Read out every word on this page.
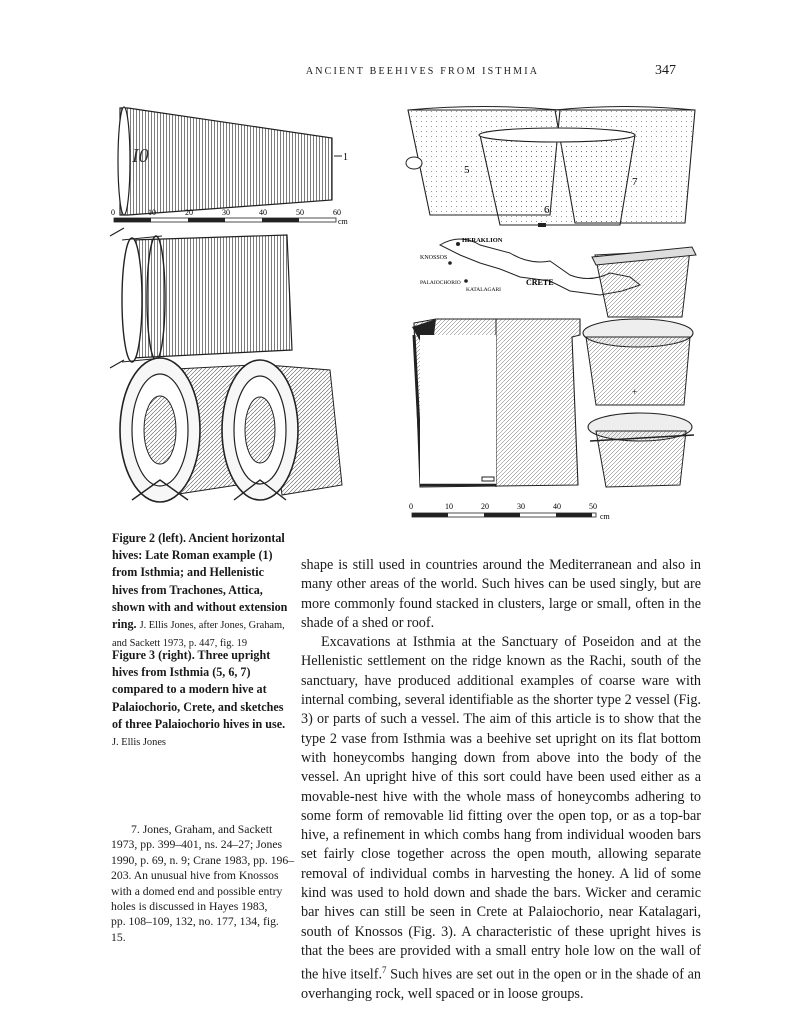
ANCIENT BEEHIVES FROM ISTHMIA	347
I0	1
0	10	20	30	40	50	60
cm
5
7
6
HERAKLION
KNOSSOS
PALAIOCHORIO
KATALAGARI
CRETE
0	10	20	30	40	50
cm
+
Figure 2 (left). Ancient horizontal hives: Late Roman example (1) from Isthmia; and Hellenistic hives from Trachones, Attica, shown with and without extension ring. J. Ellis Jones, after Jones, Graham, and Sackett 1973, p. 447, fig. 19
Figure 3 (right). Three upright hives from Isthmia (5, 6, 7) compared to a modern hive at Palaiochorio, Crete, and sketches of three Palaiochorio hives in use. J. Ellis Jones
7. Jones, Graham, and Sackett
1973, pp. 399–401, ns. 24–27; Jones
1990, p. 69, n. 9; Crane 1983, pp. 196–
203. An unusual hive from Knossos
with a domed end and possible entry
holes is discussed in Hayes 1983,
pp. 108–109, 132, no. 177, 134, fig. 15.

shape is still used in countries around the Mediterranean and also in many other areas of the world. Such hives can be used singly, but are more commonly found stacked in clusters, large or small, often in the shade of a shed or roof.

Excavations at Isthmia at the Sanctuary of Poseidon and at the Hellenistic settlement on the ridge known as the Rachi, south of the sanctuary, have produced additional examples of coarse ware with internal combing, several identifiable as the shorter type 2 vessel (Fig. 3) or parts of such a vessel. The aim of this article is to show that the type 2 vase from Isthmia was a beehive set upright on its flat bottom with honeycombs hanging down from above into the body of the vessel. An upright hive of this sort could have been used either as a movable-nest hive with the whole mass of honeycombs adhering to some form of removable lid fitting over the open top, or as a top-bar hive, a refinement in which combs hang from individual wooden bars set fairly close together across the open mouth, allowing separate removal of individual combs in harvesting the honey. A lid of some kind was used to hold down and shade the bars. Wicker and ceramic bar hives can still be seen in Crete at Palaiochorio, near Katalagari, south of Knossos (Fig. 3). A characteristic of these upright hives is that the bees are provided with a small entry hole low on the wall of the hive itself.$^7$ Such hives are set out in the open or in the shade of an overhanging rock, well spaced or in loose groups.
